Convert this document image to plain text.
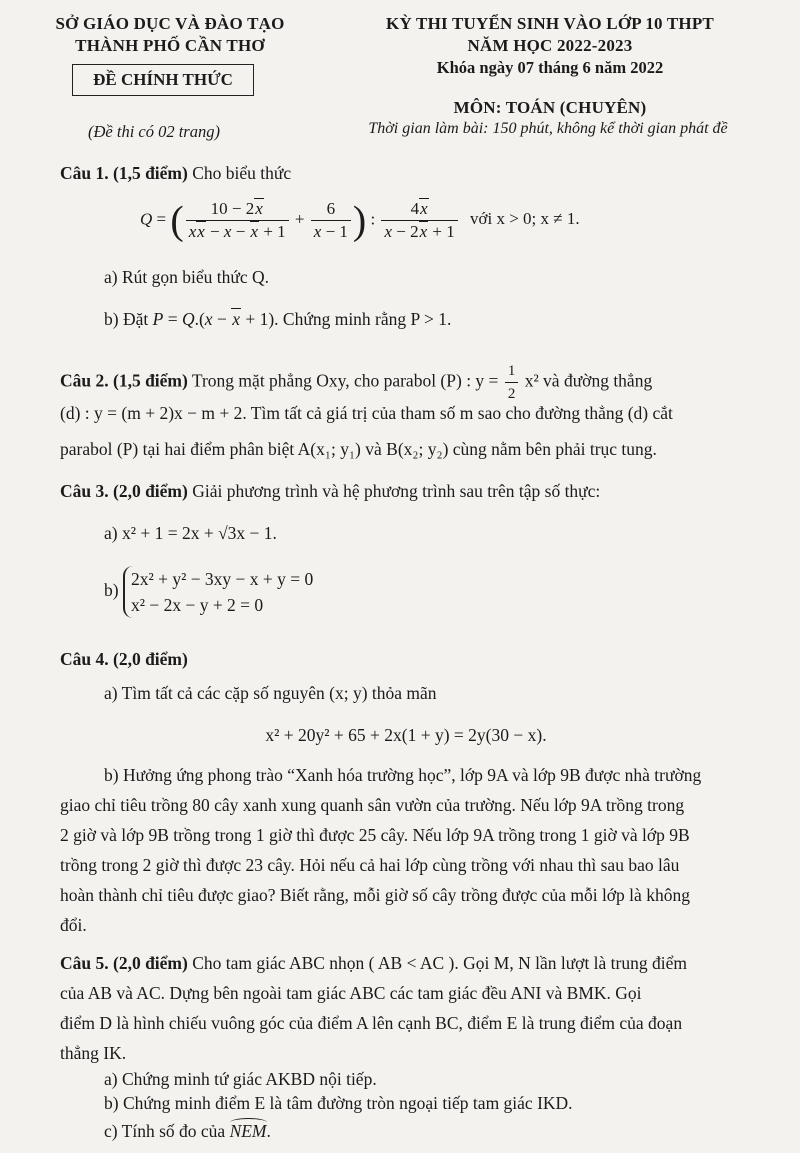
SỞ GIÁO DỤC VÀ ĐÀO TẠO
THÀNH PHỐ CẦN THƠ
ĐỀ CHÍNH THỨC
(Đề thi có 02 trang)
KỲ THI TUYỂN SINH VÀO LỚP 10 THPT
NĂM HỌC 2022-2023
Khóa ngày 07 tháng 6 năm 2022
MÔN: TOÁN (CHUYÊN)
Thời gian làm bài: 150 phút, không kể thời gian phát đề
Câu 1. (1,5 điểm) Cho biểu thức
Q = ( $\frac{10 - 2x}{xx - x - x + 1} + \frac{6}{x - 1}$ ) : $\frac{4x}{x - 2x + 1}$ với x > 0; x ≠ 1.
a) Rút gọn biểu thức Q.
b) Đặt P = Q.(x − x + 1). Chứng minh rằng P > 1.
Câu 2. (1,5 điểm) Trong mặt phẳng Oxy, cho parabol (P) : $y = \frac{1}{2} x^2$ và đường thẳng
(d) : y = (m + 2)x − m + 2. Tìm tất cả giá trị của tham số m sao cho đường thẳng (d) cắt
parabol (P) tại hai điểm phân biệt A(x₁; y₁) và B(x₂; y₂) cùng nằm bên phải trục tung.
Câu 3. (2,0 điểm) Giải phương trình và hệ phương trình sau trên tập số thực:
a) x² + 1 = 2x + √3x − 1.
b)
2x² + y² − 3xy − x + y = 0
x² − 2x − y + 2 = 0
Câu 4. (2,0 điểm)
a) Tìm tất cả các cặp số nguyên (x; y) thỏa mãn
x² + 20y² + 65 + 2x(1 + y) = 2y(30 − x).
b) Hưởng ứng phong trào “Xanh hóa trường học”, lớp 9A và lớp 9B được nhà trường
giao chỉ tiêu trồng 80 cây xanh xung quanh sân vườn của trường. Nếu lớp 9A trồng trong
2 giờ và lớp 9B trồng trong 1 giờ thì được 25 cây. Nếu lớp 9A trồng trong 1 giờ và lớp 9B
trồng trong 2 giờ thì được 23 cây. Hỏi nếu cả hai lớp cùng trồng với nhau thì sau bao lâu
hoàn thành chỉ tiêu được giao? Biết rằng, mỗi giờ số cây trồng được của mỗi lớp là không
đổi.
Câu 5. (2,0 điểm) Cho tam giác ABC nhọn ( AB < AC ). Gọi M, N lần lượt là trung điểm
của AB và AC. Dựng bên ngoài tam giác ABC các tam giác đều ANI và BMK. Gọi
điểm D là hình chiếu vuông góc của điểm A lên cạnh BC, điểm E là trung điểm của đoạn
thẳng IK.
a) Chứng minh tứ giác AKBD nội tiếp.
b) Chứng minh điểm E là tâm đường tròn ngoại tiếp tam giác IKD.
c) Tính số đo của NEM.
